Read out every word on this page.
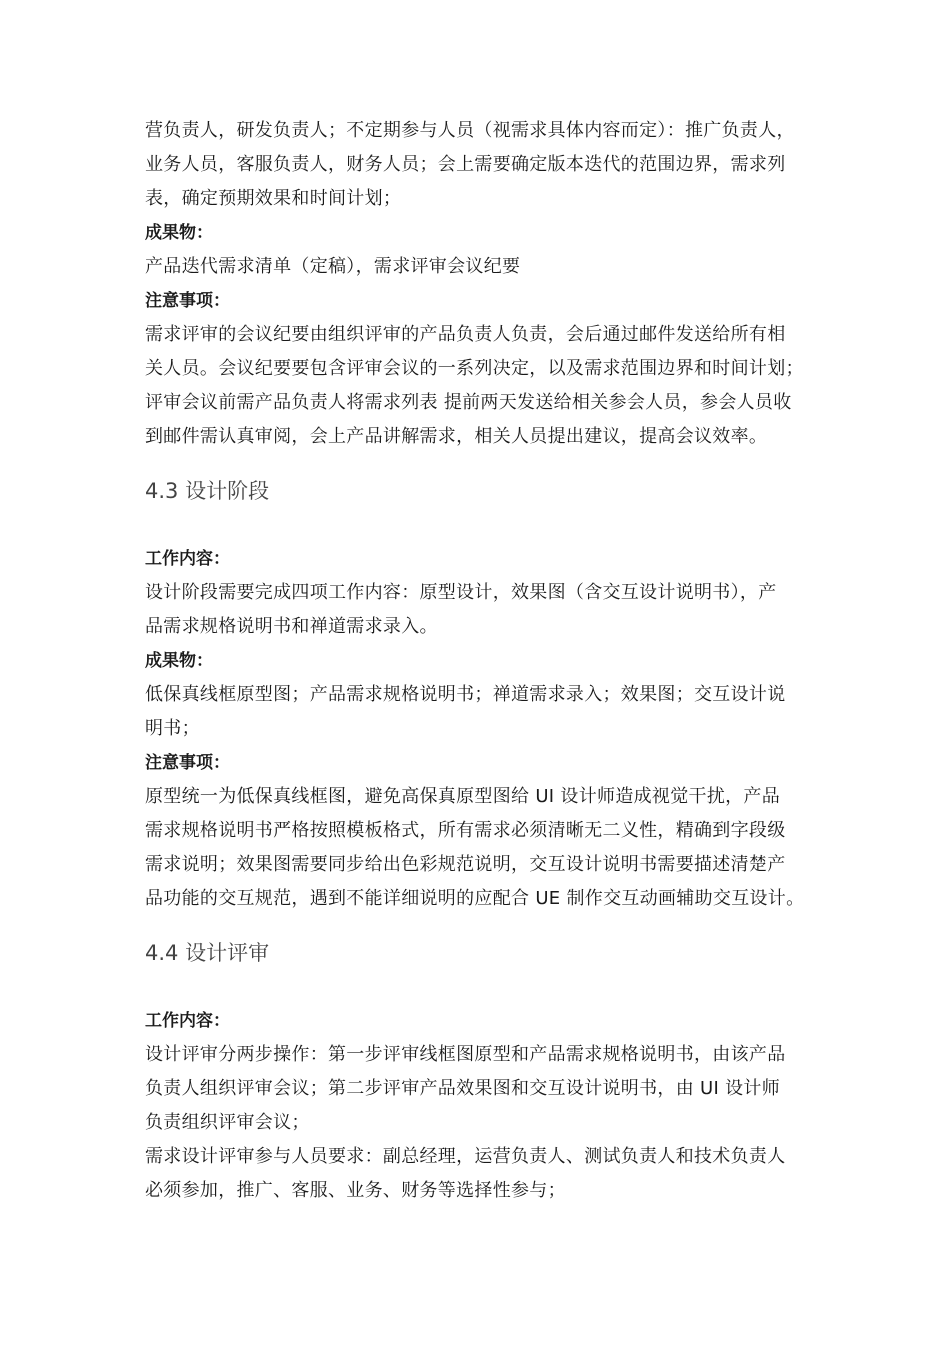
营负责人，研发负责人；不定期参与人员（视需求具体内容而定）：推广负责人，
业务人员，客服负责人，财务人员；会上需要确定版本迭代的范围边界，需求列
表，确定预期效果和时间计划；
成果物：
产品迭代需求清单（定稿），需求评审会议纪要
注意事项：
需求评审的会议纪要由组织评审的产品负责人负责，会后通过邮件发送给所有相
关人员。会议纪要要包含评审会议的一系列决定，以及需求范围边界和时间计划；
评审会议前需产品负责人将需求列表 提前两天发送给相关参会人员，参会人员收
到邮件需认真审阅，会上产品讲解需求，相关人员提出建议，提高会议效率。
4.3 设计阶段
工作内容：
设计阶段需要完成四项工作内容：原型设计，效果图（含交互设计说明书），产
品需求规格说明书和禅道需求录入。
成果物：
低保真线框原型图；产品需求规格说明书；禅道需求录入；效果图；交互设计说
明书；
注意事项：
原型统一为低保真线框图，避免高保真原型图给 UI 设计师造成视觉干扰，产品
需求规格说明书严格按照模板格式，所有需求必须清晰无二义性，精确到字段级
需求说明；效果图需要同步给出色彩规范说明，交互设计说明书需要描述清楚产
品功能的交互规范，遇到不能详细说明的应配合 UE 制作交互动画辅助交互设计。
4.4 设计评审
工作内容：
设计评审分两步操作：第一步评审线框图原型和产品需求规格说明书，由该产品
负责人组织评审会议；第二步评审产品效果图和交互设计说明书，由 UI 设计师
负责组织评审会议；
需求设计评审参与人员要求：副总经理，运营负责人、测试负责人和技术负责人
必须参加，推广、客服、业务、财务等选择性参与；
